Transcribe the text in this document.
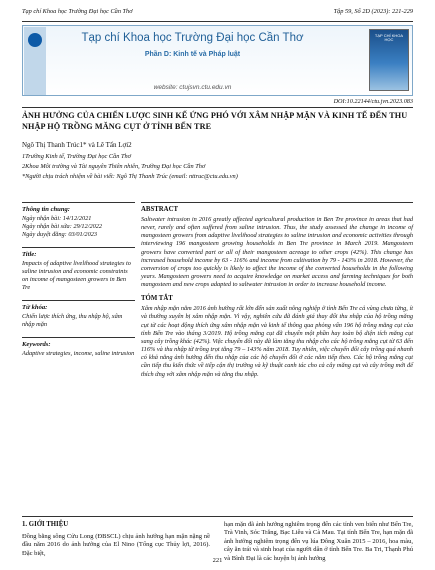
Tạp chí Khoa học Trường Đại học Cần Thơ	Tập 59, Số 2D (2023): 221-229
Tạp chí Khoa học Trường Đại học Cần Thơ
Phần D: Kinh tế và Pháp luật
website: ctujsvn.ctu.edu.vn
TẠP CHÍ KHOA HỌC
DOI:10.22144/ctu.jvn.2023.083
ẢNH HƯỞNG CỦA CHIẾN LƯỢC SINH KẾ ỨNG PHÓ VỚI XÂM NHẬP MẶN VÀ KINH TẾ ĐẾN THU NHẬP HỘ TRỒNG MĂNG CỤT Ở TỈNH BẾN TRE
Ngô Thị Thanh Trúc1* và Lê Tấn Lợi2
1Trường Kinh tế, Trường Đại học Cần Thơ
2Khoa Môi trường và Tài nguyên Thiên nhiên, Trường Đại học Cần Thơ
*Người chịu trách nhiệm về bài viết: Ngô Thị Thanh Trúc (email: nttruc@ctu.edu.vn)
Thông tin chung:
Ngày nhận bài: 14/12/2021
Ngày nhận bài sửa: 29/12/2022
Ngày duyệt đăng: 03/01/2023
Title:
Impacts of adaptive livelihood strategies to saline intrusion and economic constraints on income of mangosteen growers in Ben Tre
Từ khóa:
Chiến lược thích ứng, thu nhập hộ, xâm nhập mặn
Keywords:
Adaptive strategies, income, saline intrusion
ABSTRACT
Saltwater intrusion in 2016 greatly affected agricultural production in Ben Tre province in areas that had never, rarely and often suffered from saline intrusion. Thus, the study assessed the change in income of mangosteen growers from adaptive livelihood strategies to saline intrusion and economic activities through interviewing 196 mangosteen growing households in Ben Tre province in March 2019. Mangosteen growers have converted part or all of their mangosteen acreage to other crops (42%). This change has increased household income by 63 - 116% and income from cultivation by 79 - 143% in 2018. However, the conversion of crops too quickly is likely to affect the income of the converted households in the following years. Mangosteen growers need to acquire knowledge on market access and farming techniques for both mangosteen and new crops adapted to saltwater intrusion in order to increase household income.
TÓM TẮT
Xâm nhập mặn năm 2016 ảnh hưởng rất lớn đến sản xuất nông nghiệp ở tỉnh Bến Tre cả vùng chưa từng, ít và thường xuyên bị xâm nhập mặn. Vì vậy, nghiên cứu đã đánh giá thay đổi thu nhập của hộ trồng măng cụt từ các hoạt động thích ứng xâm nhập mặn và kinh tế thông qua phỏng vấn 196 hộ trồng măng cụt của tỉnh Bến Tre vào tháng 3/2019. Hộ trồng măng cụt đã chuyển một phần hay toàn bộ diện tích măng cụt sang cây trồng khác (42%). Việc chuyển đổi này đã làm tăng thu nhập cho các hộ trồng măng cụt từ 63 đến 116% và thu nhập từ trồng trọt tăng 79 – 143% năm 2018. Tuy nhiên, việc chuyển đổi cây trồng quá nhanh có khả năng ảnh hưởng đến thu nhập của các hộ chuyển đổi ở các năm tiếp theo. Các hộ trồng măng cụt cần tiếp thu kiến thức về tiếp cận thị trường và kỹ thuật canh tác cho cả cây măng cụt và cây trồng mới để thích ứng với xâm nhập mặn và tăng thu nhập.
1. GIỚI THIỆU
Đồng bằng sông Cửu Long (ĐBSCL) chịu ảnh hưởng hạn mặn nặng nề đầu năm 2016 do ảnh hưởng của El Nino (Tổng cục Thủy lợi, 2016). Đặc biệt,
hạn mặn đã ảnh hưởng nghiêm trọng đến các tỉnh ven biển như Bến Tre, Trà Vinh, Sóc Trăng, Bạc Liêu và Cà Mau. Tại tỉnh Bến Tre, hạn mặn đã ảnh hưởng nghiêm trọng đến vụ lúa Đông Xuân 2015 – 2016, hoa màu, cây ăn trái và sinh hoạt của người dân ở tỉnh Bến Tre. Ba Tri, Thạnh Phú và Bình Đại là các huyện bị ảnh hưởng
221
